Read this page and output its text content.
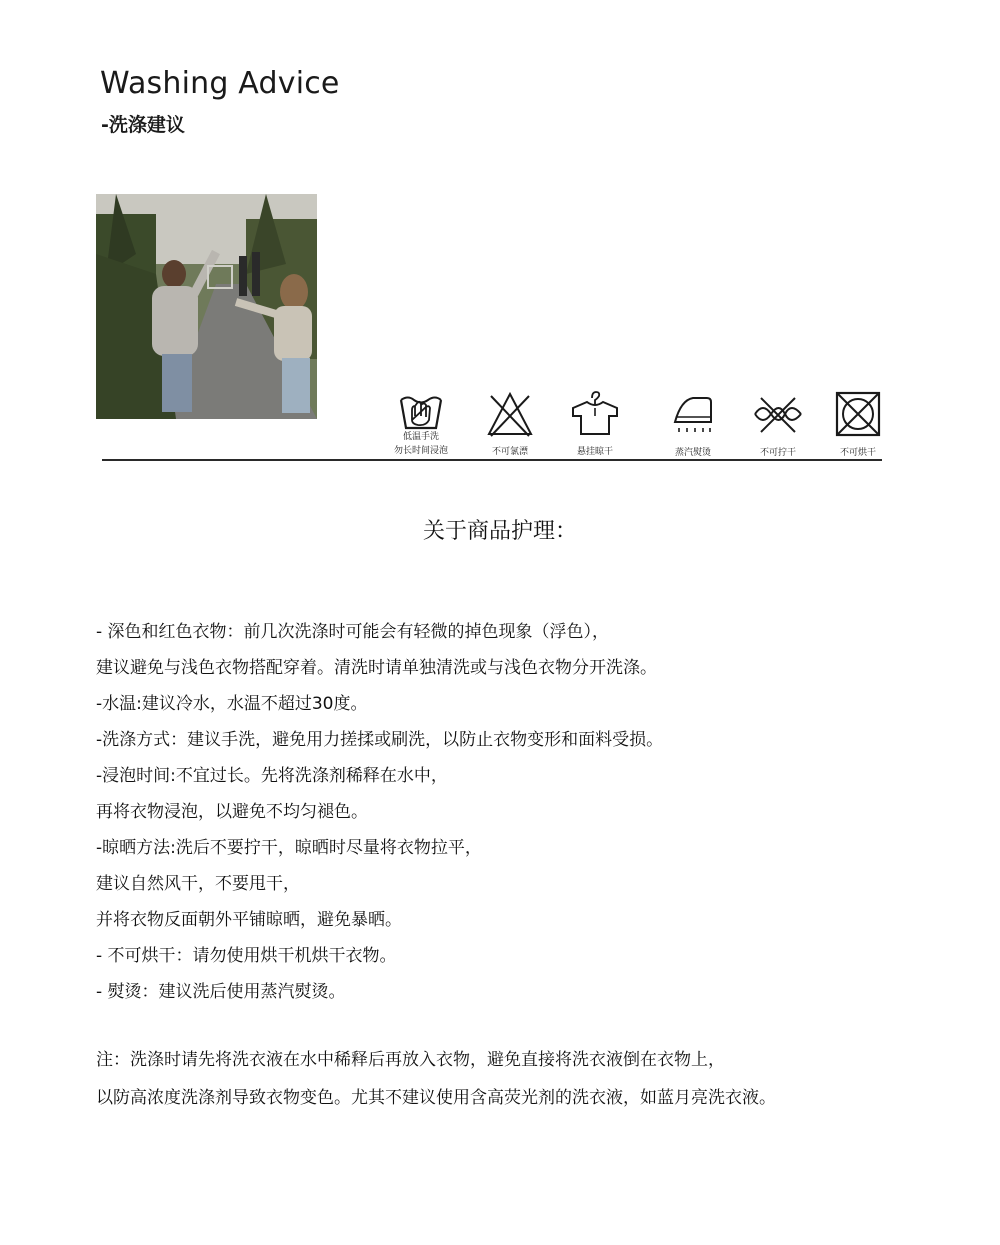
Washing Advice
-洗涤建议
低温手洗
勿长时间浸泡	不可氯漂	悬挂晾干	蒸汽熨烫	不可拧干	不可烘干
关于商品护理：
- 深色和红色衣物：前几次洗涤时可能会有轻微的掉色现象（浮色），
建议避免与浅色衣物搭配穿着。清洗时请单独清洗或与浅色衣物分开洗涤。
-水温:建议冷水，水温不超过30度。
-洗涤方式：建议手洗，避免用力搓揉或刷洗，以防止衣物变形和面料受损。
-浸泡时间:不宜过长。先将洗涤剂稀释在水中，
再将衣物浸泡，以避免不均匀褪色。
-晾晒方法:洗后不要拧干，晾晒时尽量将衣物拉平，
建议自然风干，不要甩干，
并将衣物反面朝外平铺晾晒，避免暴晒。
- 不可烘干：请勿使用烘干机烘干衣物。
- 熨烫：建议洗后使用蒸汽熨烫。
注：洗涤时请先将洗衣液在水中稀释后再放入衣物，避免直接将洗衣液倒在衣物上，
以防高浓度洗涤剂导致衣物变色。尤其不建议使用含高荧光剂的洗衣液，如蓝月亮洗衣液。
